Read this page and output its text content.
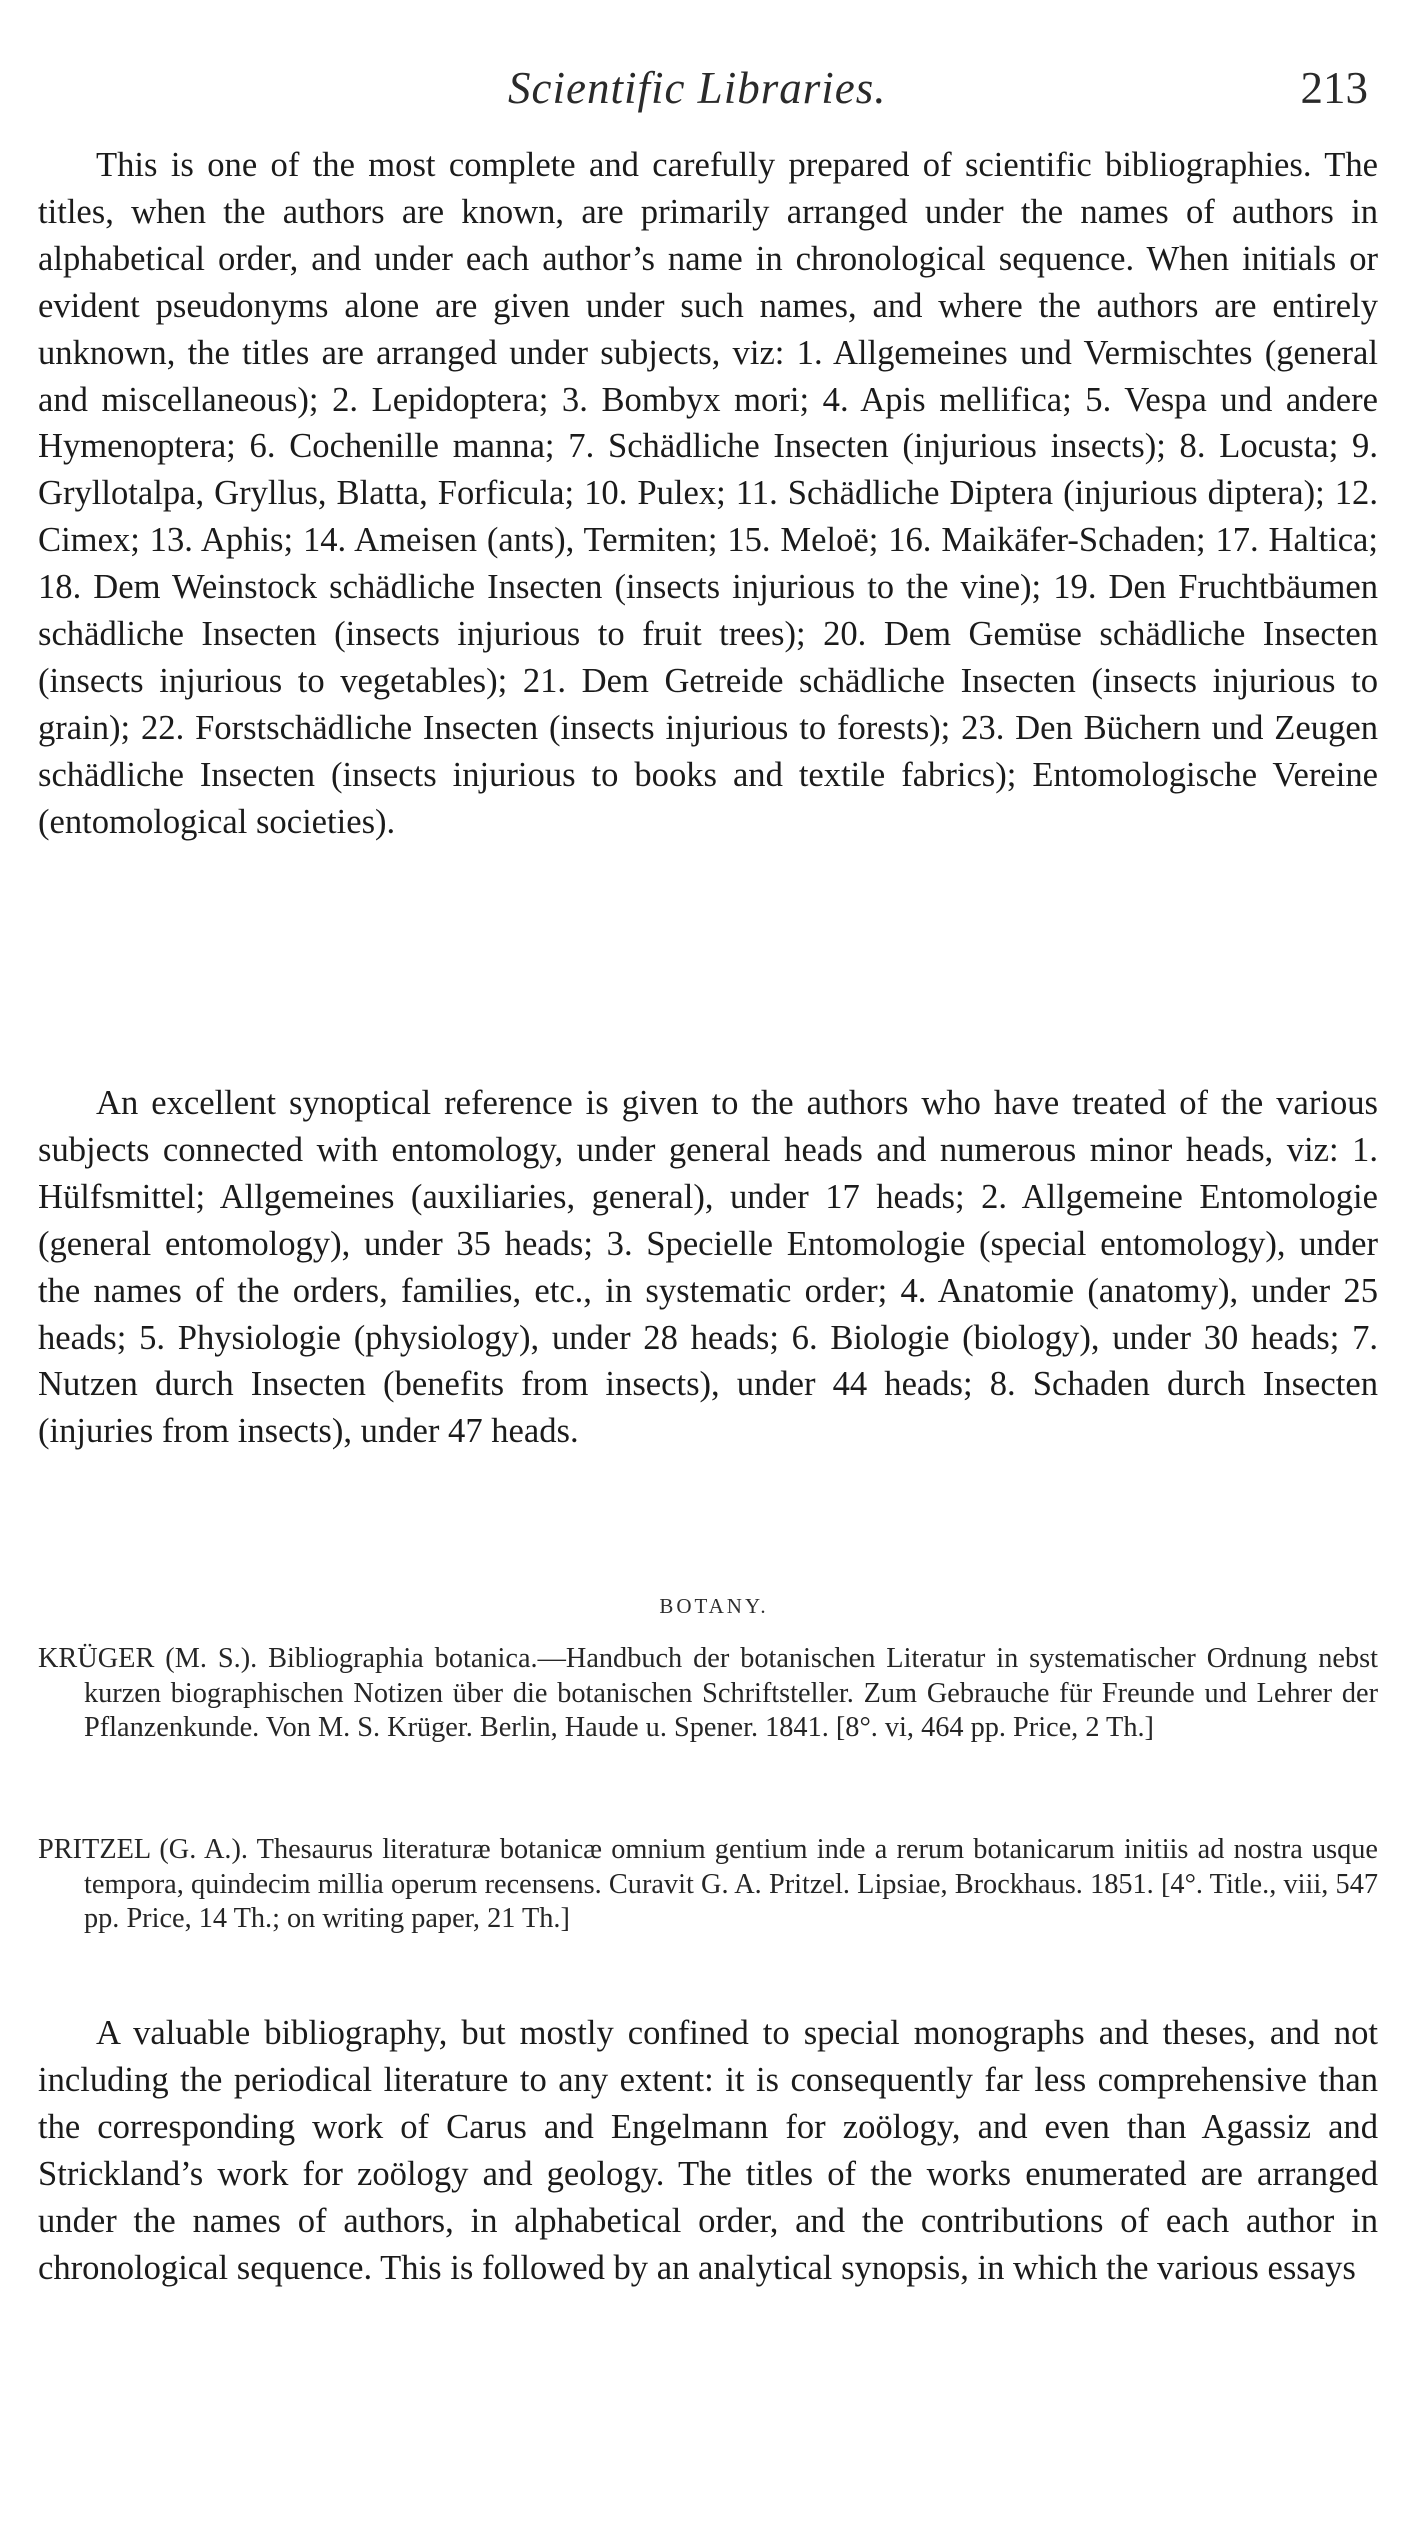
Scientific Libraries.	213

This is one of the most complete and carefully prepared of scientific bibliographies. The titles, when the authors are known, are primarily arranged under the names of authors in alphabetical order, and under each author’s name in chronological sequence. When initials or evident pseudonyms alone are given under such names, and where the authors are entirely unknown, the titles are arranged under subjects, viz: 1. Allgemeines und Vermischtes (general and miscellaneous); 2. Lepidoptera; 3. Bombyx mori; 4. Apis mellifica; 5. Vespa und andere Hymenoptera; 6. Cochenille manna; 7. Schädliche Insecten (injurious insects); 8. Locusta; 9. Gryllotalpa, Gryllus, Blatta, Forficula; 10. Pulex; 11. Schädliche Diptera (injurious diptera); 12. Cimex; 13. Aphis; 14. Ameisen (ants), Termiten; 15. Meloë; 16. Maikäfer-Schaden; 17. Haltica; 18. Dem Weinstock schädliche Insecten (insects injurious to the vine); 19. Den Fruchtbäumen schädliche Insecten (insects injurious to fruit trees); 20. Dem Gemüse schädliche Insecten (insects injurious to vegetables); 21. Dem Getreide schädliche Insecten (insects injurious to grain); 22. Forstschädliche Insecten (insects injurious to forests); 23. Den Büchern und Zeugen schädliche Insecten (insects injurious to books and textile fabrics); Entomologische Vereine (entomological societies).

An excellent synoptical reference is given to the authors who have treated of the various subjects connected with entomology, under general heads and numerous minor heads, viz: 1. Hülfsmittel; Allgemeines (auxiliaries, general), under 17 heads; 2. Allgemeine Entomologie (general entomology), under 35 heads; 3. Specielle Entomologie (special entomology), under the names of the orders, families, etc., in systematic order; 4. Anatomie (anatomy), under 25 heads; 5. Physiologie (physiology), under 28 heads; 6. Biologie (biology), under 30 heads; 7. Nutzen durch Insecten (benefits from insects), under 44 heads; 8. Schaden durch Insecten (injuries from insects), under 47 heads.

BOTANY.

KRÜGER (M. S.). Bibliographia botanica.—Handbuch der botanischen Literatur in systematischer Ordnung nebst kurzen biographischen Notizen über die botanischen Schriftsteller. Zum Gebrauche für Freunde und Lehrer der Pflanzenkunde. Von M. S. Krüger. Berlin, Haude u. Spener. 1841. [8°. vi, 464 pp. Price, 2 Th.]

PRITZEL (G. A.). Thesaurus literaturæ botanicæ omnium gentium inde a rerum botanicarum initiis ad nostra usque tempora, quindecim millia operum recensens. Curavit G. A. Pritzel. Lipsiae, Brockhaus. 1851. [4°. Title., viii, 547 pp. Price, 14 Th.; on writing paper, 21 Th.]

A valuable bibliography, but mostly confined to special monographs and theses, and not including the periodical literature to any extent: it is consequently far less comprehensive than the corresponding work of Carus and Engelmann for zoölogy, and even than Agassiz and Strickland’s work for zoölogy and geology. The titles of the works enumerated are arranged under the names of authors, in alphabetical order, and the contributions of each author in chronological sequence. This is followed by an analytical synopsis, in which the various essays
